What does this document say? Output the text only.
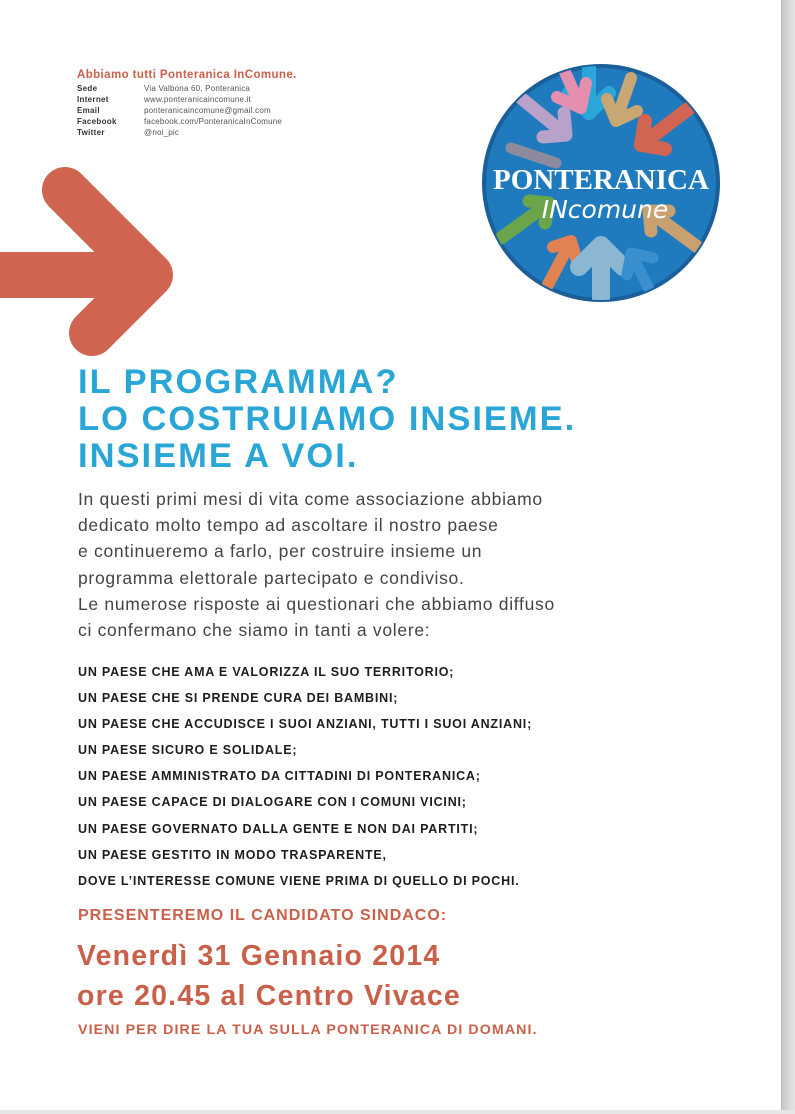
Abbiamo tutti Ponteranica InComune.
Sede	Via Valbona 60, Ponteranica
Internet	www.ponteranicaincomune.it
Email	ponteranicaincomune@gmail.com
Facebook	facebook.com/PonteranicaInComune
Twitter	@noi_pic
PONTERANICA
INcomune
IL PROGRAMMA?
LO COSTRUIAMO INSIEME.
INSIEME A VOI.
In questi primi mesi di vita come associazione abbiamo
dedicato molto tempo ad ascoltare il nostro paese
e continueremo a farlo, per costruire insieme un
programma elettorale partecipato e condiviso.
Le numerose risposte ai questionari che abbiamo diffuso
ci confermano che siamo in tanti a volere:
UN PAESE CHE AMA E VALORIZZA IL SUO TERRITORIO;
UN PAESE CHE SI PRENDE CURA DEI BAMBINI;
UN PAESE CHE ACCUDISCE I SUOI ANZIANI, TUTTI I SUOI ANZIANI;
UN PAESE SICURO E SOLIDALE;
UN PAESE AMMINISTRATO DA CITTADINI DI PONTERANICA;
UN PAESE CAPACE DI DIALOGARE CON I COMUNI VICINI;
UN PAESE GOVERNATO DALLA GENTE E NON DAI PARTITI;
UN PAESE GESTITO IN MODO TRASPARENTE,
DOVE L’INTERESSE COMUNE VIENE PRIMA DI QUELLO DI POCHI.
PRESENTEREMO IL CANDIDATO SINDACO:
Venerdì 31 Gennaio 2014
ore 20.45 al Centro Vivace
VIENI PER DIRE LA TUA SULLA PONTERANICA DI DOMANI.
